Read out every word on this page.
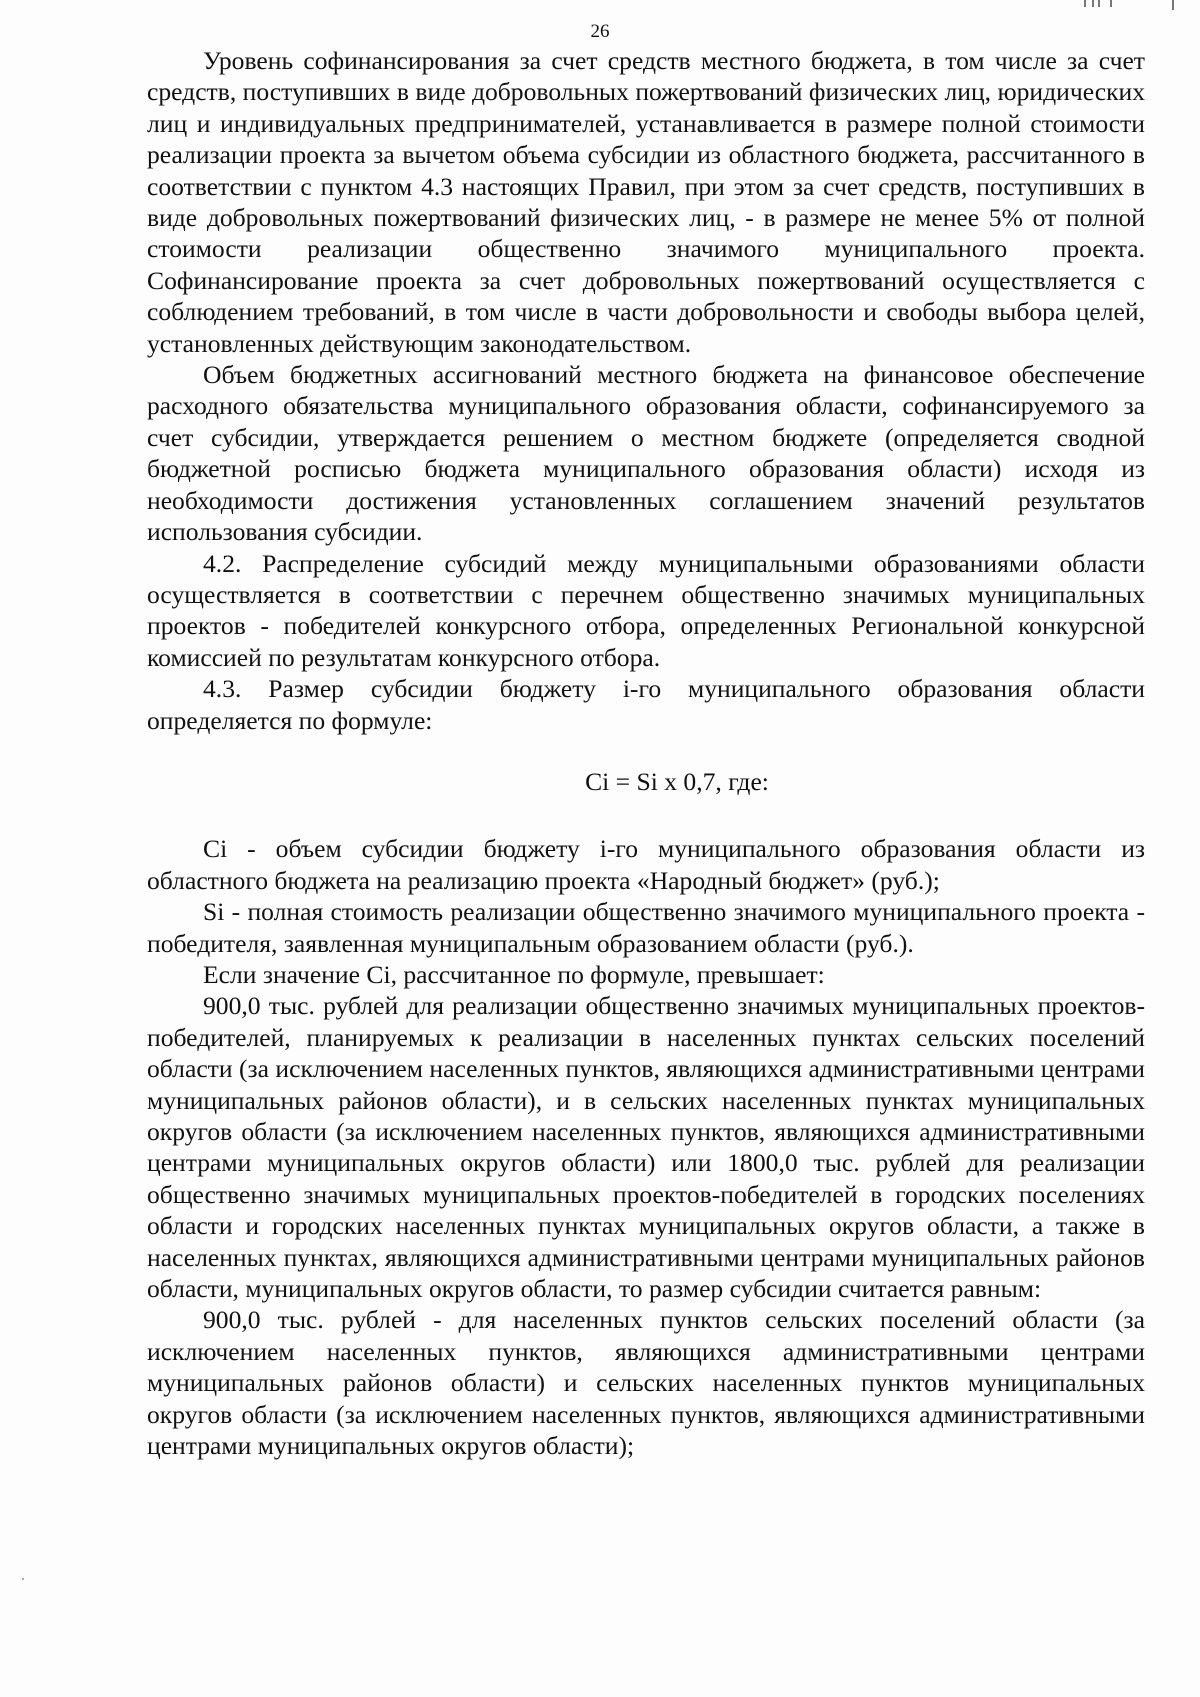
26

Уровень софинансирования за счет средств местного бюджета, в том числе за счет средств, поступивших в виде добровольных пожертвований физических лиц, юридических лиц и индивидуальных предпринимателей, устанавливается в размере полной стоимости реализации проекта за вычетом объема субсидии из областного бюджета, рассчитанного в соответствии с пунктом 4.3 настоящих Правил, при этом за счет средств, поступивших в виде добровольных пожертвований физических лиц, - в размере не менее 5% от полной стоимости реализации общественно значимого муниципального проекта. Софинансирование проекта за счет добровольных пожертвований осуществляется с соблюдением требований, в том числе в части добровольности и свободы выбора целей, установленных действующим законодательством.

Объем бюджетных ассигнований местного бюджета на финансовое обеспечение расходного обязательства муниципального образования области, софинансируемого за счет субсидии, утверждается решением о местном бюджете (определяется сводной бюджетной росписью бюджета муниципального образования области) исходя из необходимости достижения установленных соглашением значений результатов использования субсидии.

4.2. Распределение субсидий между муниципальными образованиями области осуществляется в соответствии с перечнем общественно значимых муниципальных проектов - победителей конкурсного отбора, определенных Региональной конкурсной комиссией по результатам конкурсного отбора.

4.3. Размер субсидии бюджету i-го муниципального образования области определяется по формуле:

Ci = Si x 0,7, где:

Ci - объем субсидии бюджету i-го муниципального образования области из областного бюджета на реализацию проекта «Народный бюджет» (руб.);

Si - полная стоимость реализации общественно значимого муниципального проекта - победителя, заявленная муниципальным образованием области (руб.).

Если значение Ci, рассчитанное по формуле, превышает:

900,0 тыс. рублей для реализации общественно значимых муниципальных проектов-победителей, планируемых к реализации в населенных пунктах сельских поселений области (за исключением населенных пунктов, являющихся административными центрами муниципальных районов области), и в сельских населенных пунктах муниципальных округов области (за исключением населенных пунктов, являющихся административными центрами муниципальных округов области) или 1800,0 тыс. рублей для реализации общественно значимых муниципальных проектов-победителей в городских поселениях области и городских населенных пунктах муниципальных округов области, а также в населенных пунктах, являющихся административными центрами муниципальных районов области, муниципальных округов области, то размер субсидии считается равным:

900,0 тыс. рублей - для населенных пунктов сельских поселений области (за исключением населенных пунктов, являющихся административными центрами муниципальных районов области) и сельских населенных пунктов муниципальных округов области (за исключением населенных пунктов, являющихся административными центрами муниципальных округов области);
